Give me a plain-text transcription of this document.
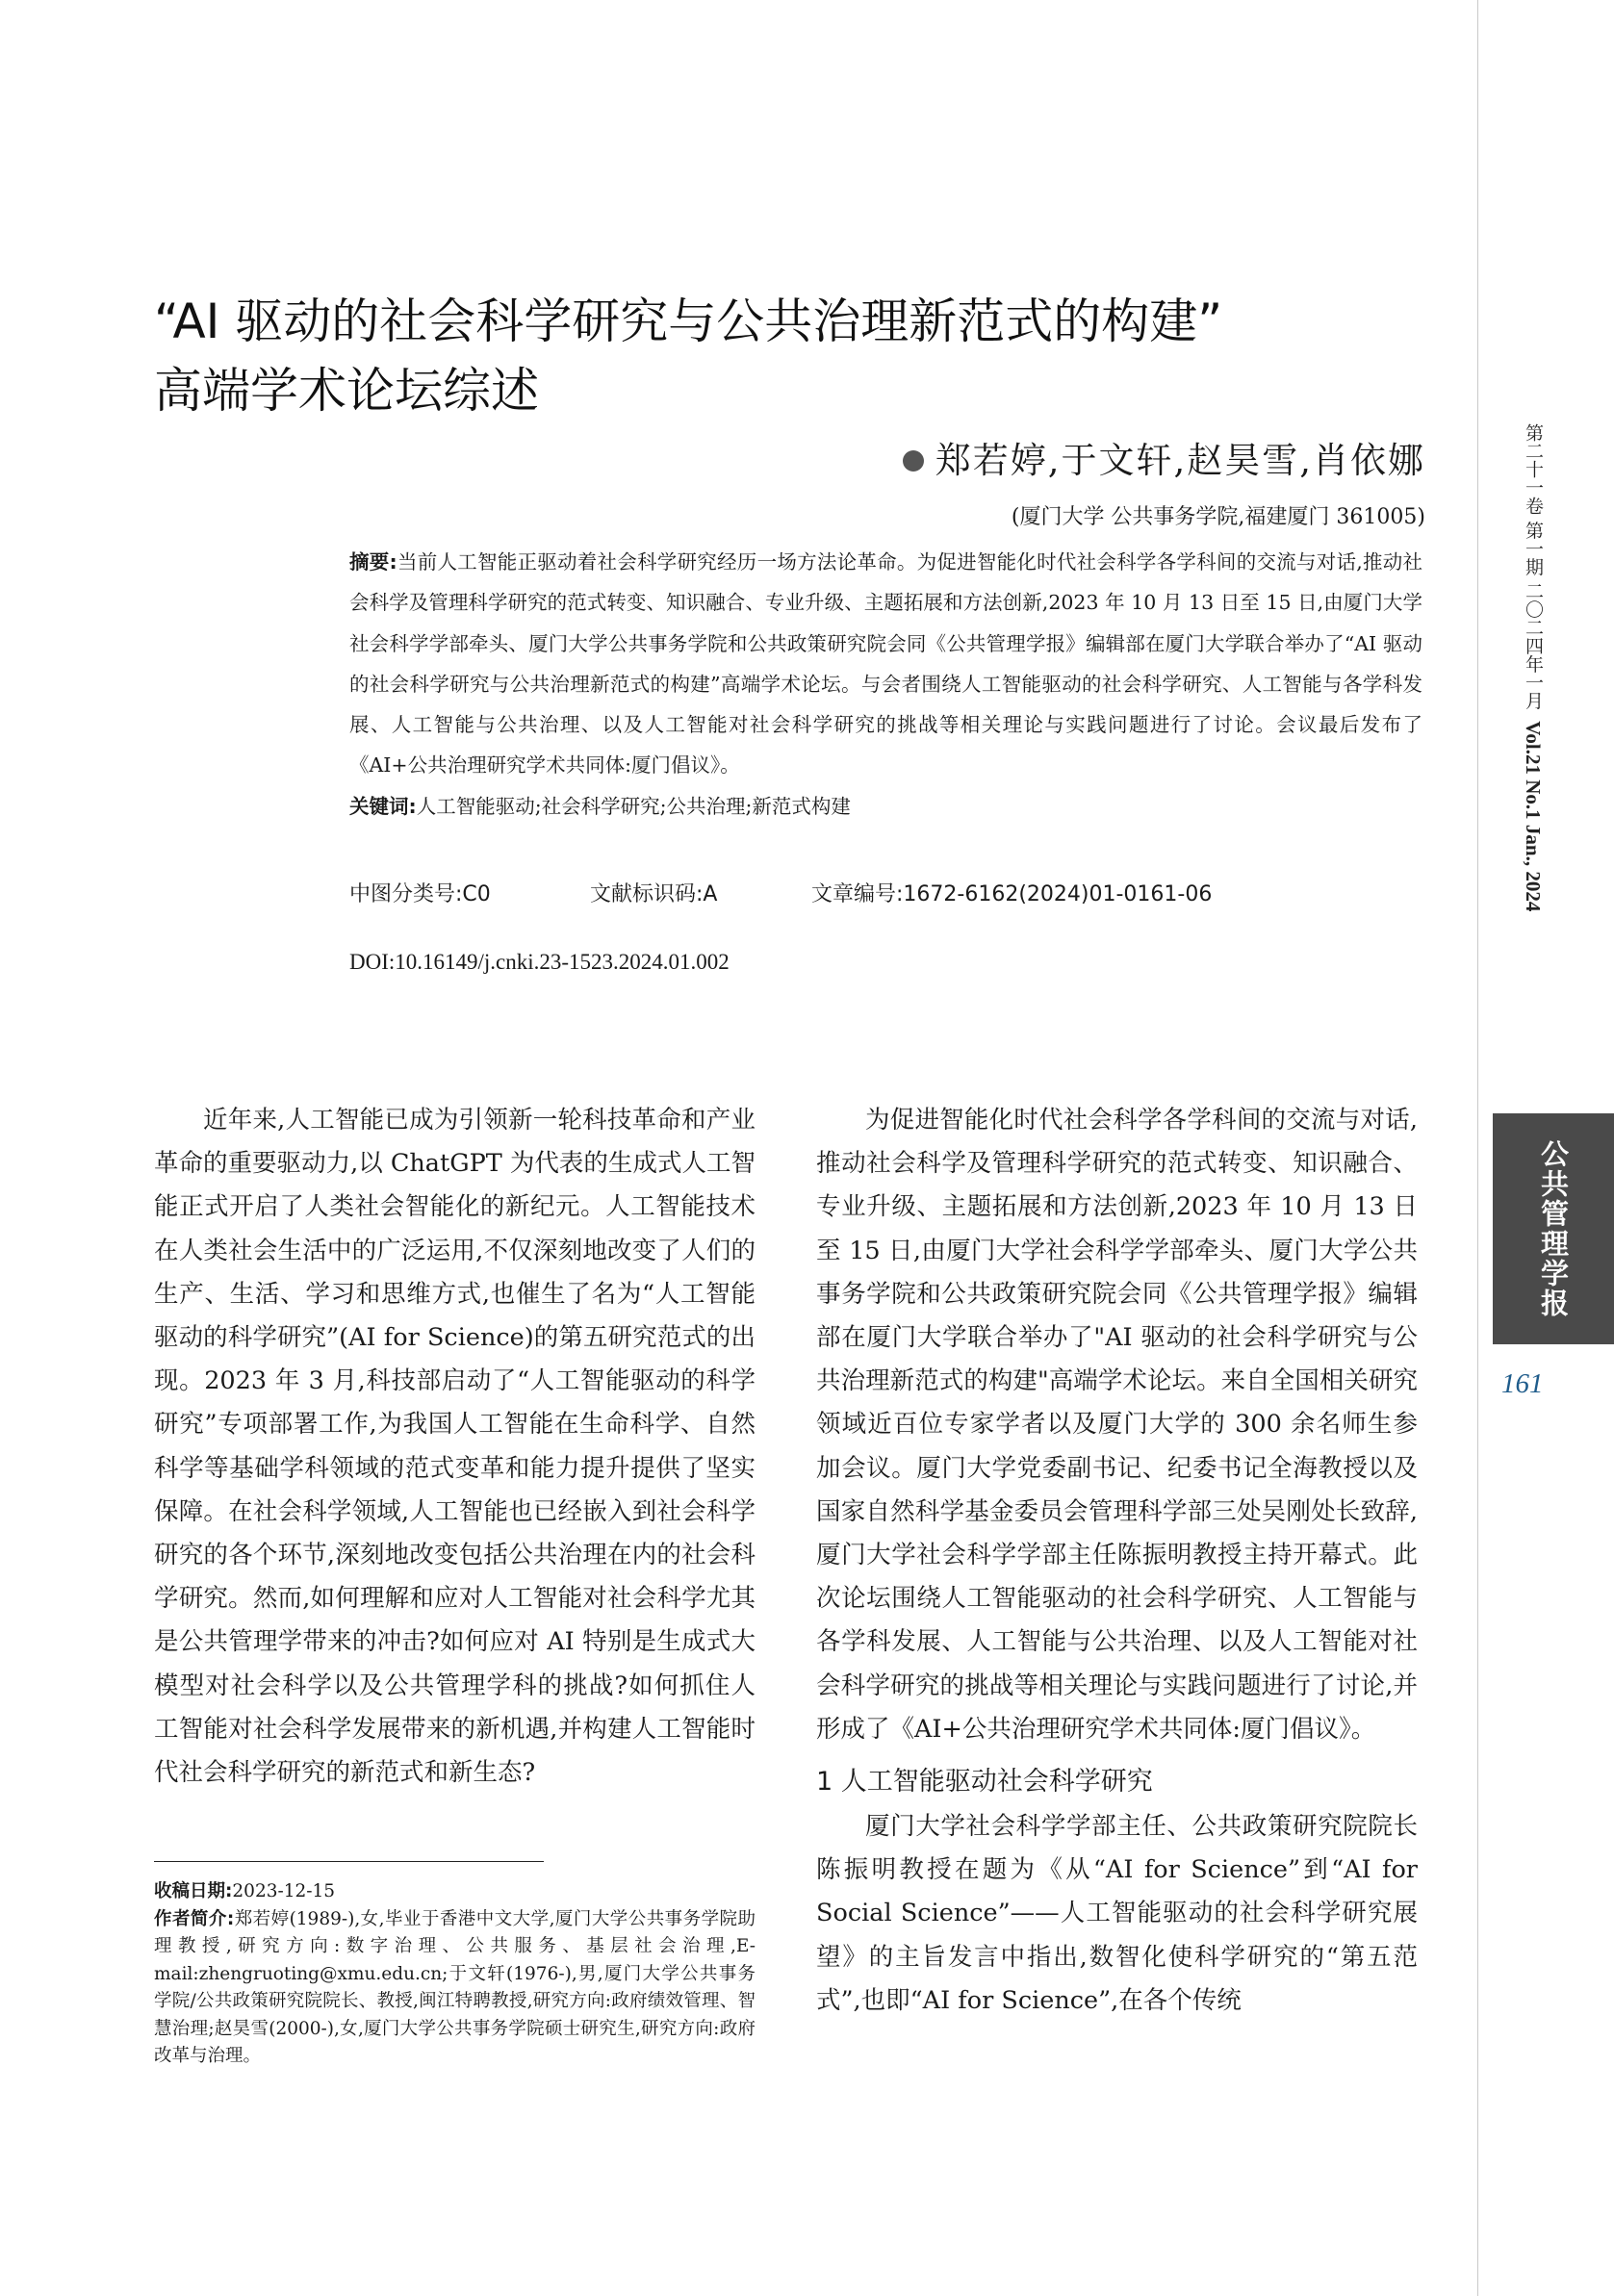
“AI 驱动的社会科学研究与公共治理新范式的构建”
高端学术论坛综述
郑若婷,于文轩,赵昊雪,肖依娜
(厦门大学 公共事务学院,福建厦门 361005)

摘要:当前人工智能正驱动着社会科学研究经历一场方法论革命。为促进智能化时代社会科学各学科间的交流与对话,推动社会科学及管理科学研究的范式转变、知识融合、专业升级、主题拓展和方法创新,2023 年 10 月 13 日至 15 日,由厦门大学社会科学学部牵头、厦门大学公共事务学院和公共政策研究院会同《公共管理学报》编辑部在厦门大学联合举办了“AI 驱动的社会科学研究与公共治理新范式的构建”高端学术论坛。与会者围绕人工智能驱动的社会科学研究、人工智能与各学科发展、人工智能与公共治理、以及人工智能对社会科学研究的挑战等相关理论与实践问题进行了讨论。会议最后发布了《AI+公共治理研究学术共同体:厦门倡议》。

关键词:人工智能驱动;社会科学研究;公共治理;新范式构建

中图分类号:C0	文献标识码:A	文章编号:1672-6162(2024)01-0161-06
DOI:10.16149/j.cnki.23-1523.2024.01.002

近年来,人工智能已成为引领新一轮科技革命和产业革命的重要驱动力,以 ChatGPT 为代表的生成式人工智能正式开启了人类社会智能化的新纪元。人工智能技术在人类社会生活中的广泛运用,不仅深刻地改变了人们的生产、生活、学习和思维方式,也催生了名为“人工智能驱动的科学研究”(AI for Science)的第五研究范式的出现。2023 年 3 月,科技部启动了“人工智能驱动的科学研究”专项部署工作,为我国人工智能在生命科学、自然科学等基础学科领域的范式变革和能力提升提供了坚实保障。在社会科学领域,人工智能也已经嵌入到社会科学研究的各个环节,深刻地改变包括公共治理在内的社会科学研究。然而,如何理解和应对人工智能对社会科学尤其是公共管理学带来的冲击?如何应对 AI 特别是生成式大模型对社会科学以及公共管理学科的挑战?如何抓住人工智能对社会科学发展带来的新机遇,并构建人工智能时代社会科学研究的新范式和新生态?

为促进智能化时代社会科学各学科间的交流与对话,推动社会科学及管理科学研究的范式转变、知识融合、专业升级、主题拓展和方法创新,2023 年 10 月 13 日至 15 日,由厦门大学社会科学学部牵头、厦门大学公共事务学院和公共政策研究院会同《公共管理学报》编辑部在厦门大学联合举办了"AI 驱动的社会科学研究与公共治理新范式的构建"高端学术论坛。来自全国相关研究领域近百位专家学者以及厦门大学的 300 余名师生参加会议。厦门大学党委副书记、纪委书记全海教授以及国家自然科学基金委员会管理科学部三处吴刚处长致辞,厦门大学社会科学学部主任陈振明教授主持开幕式。此次论坛围绕人工智能驱动的社会科学研究、人工智能与各学科发展、人工智能与公共治理、以及人工智能对社会科学研究的挑战等相关理论与实践问题进行了讨论,并形成了《AI+公共治理研究学术共同体:厦门倡议》。

1 人工智能驱动社会科学研究

厦门大学社会科学学部主任、公共政策研究院院长陈振明教授在题为《从“AI for Science”到“AI for Social Science”——人工智能驱动的社会科学研究展望》的主旨发言中指出,数智化使科学研究的“第五范式”,也即“AI for Science”,在各个传统

收稿日期:2023-12-15

作者简介:郑若婷(1989-),女,毕业于香港中文大学,厦门大学公共事务学院助理教授,研究方向:数字治理、公共服务、基层社会治理,E-mail:zhengruoting@xmu.edu.cn;于文轩(1976-),男,厦门大学公共事务学院/公共政策研究院院长、教授,闽江特聘教授,研究方向:政府绩效管理、智慧治理;赵昊雪(2000-),女,厦门大学公共事务学院硕士研究生,研究方向:政府改革与治理。

第二十一卷 第一期 二〇二四年一月  Vol.21 No.1 Jan., 2024
公共管理学报
161
